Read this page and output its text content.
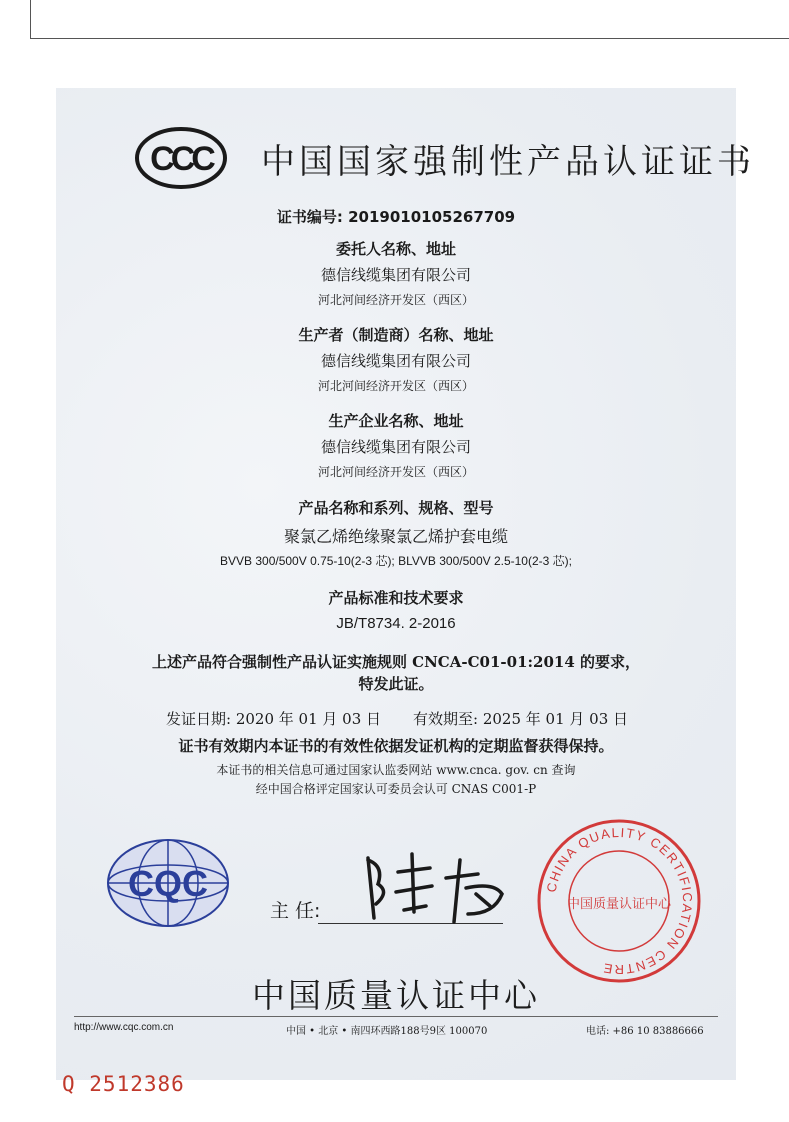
CCC 中国国家强制性产品认证证书
证书编号: 2019010105267709
委托人名称、地址
德信线缆集团有限公司
河北河间经济开发区（西区）
生产者（制造商）名称、地址
德信线缆集团有限公司
河北河间经济开发区（西区）
生产企业名称、地址
德信线缆集团有限公司
河北河间经济开发区（西区）
产品名称和系列、规格、型号
聚氯乙烯绝缘聚氯乙烯护套电缆
BVVB 300/500V 0.75-10(2-3 芯); BLVVB 300/500V 2.5-10(2-3 芯);
产品标准和技术要求
JB/T8734. 2-2016
上述产品符合强制性产品认证实施规则 CNCA-C01-01:2014 的要求，
特发此证。
发证日期: 2020 年 01 月 03 日 有效期至: 2025 年 01 月 03 日
证书有效期内本证书的有效性依据发证机构的定期监督获得保持。
本证书的相关信息可通过国家认监委网站 www.cnca. gov. cn 查询
经中国合格评定国家认可委员会认可 CNAS C001-P
CQC
主 任:
CHINA QUALITY CERTIFICATION CENTRE
中国质量认证中心
中国质量认证中心
http://www.cqc.com.cn	中国 • 北京 • 南四环西路188号9区 100070	电话: +86 10 83886666
Q 2512386
